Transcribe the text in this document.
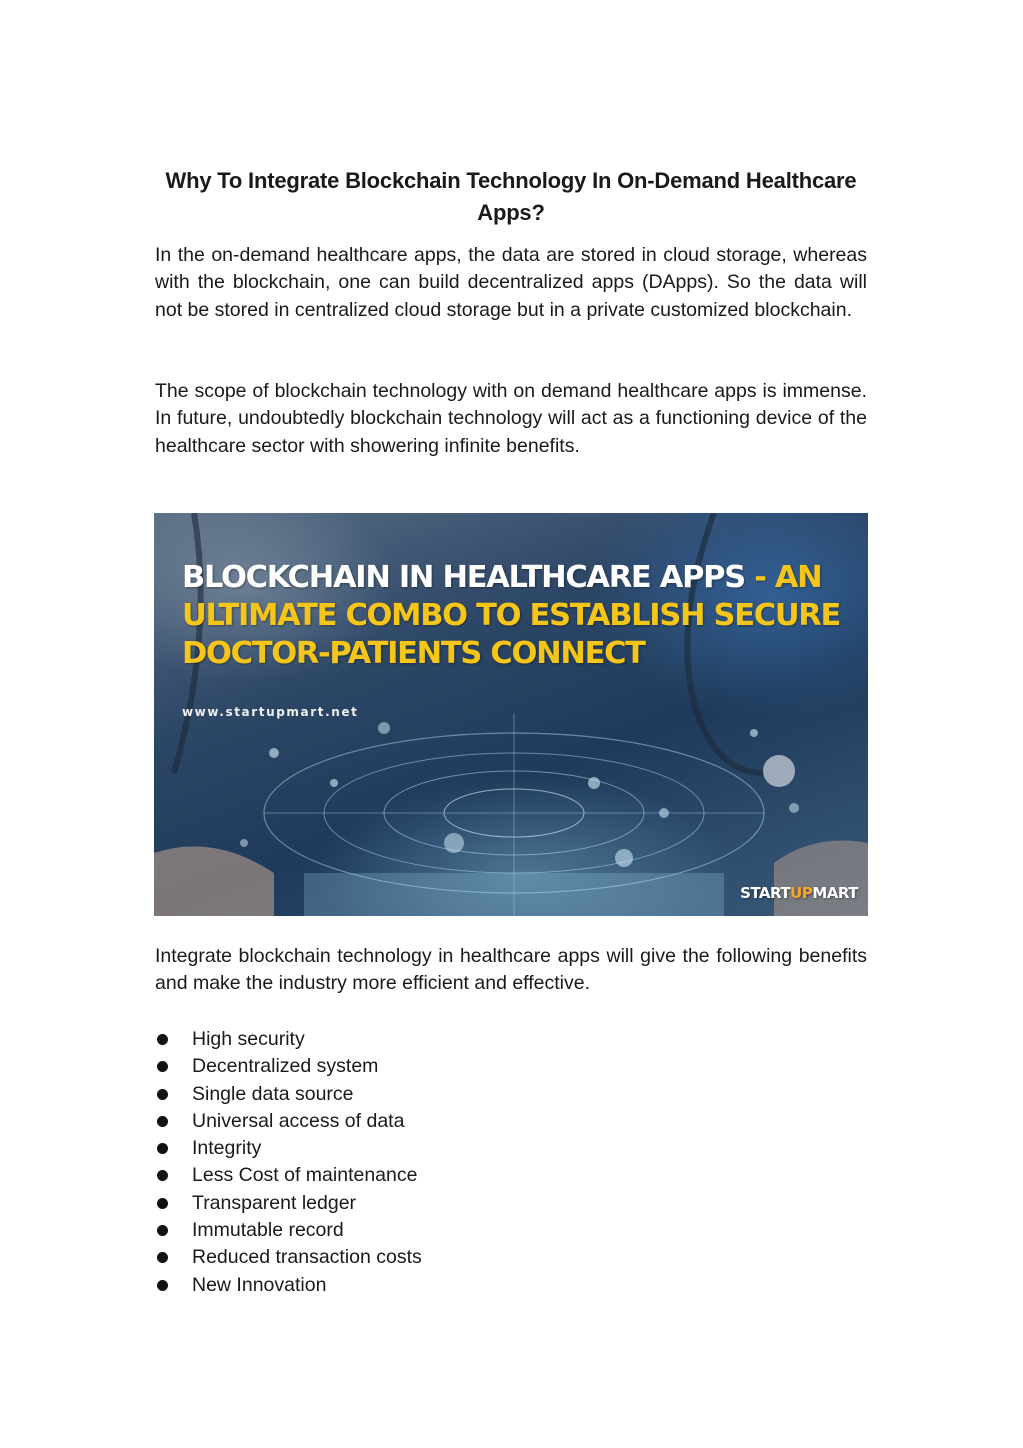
Why To Integrate Blockchain Technology In On-Demand Healthcare Apps?

In the on-demand healthcare apps, the data are stored in cloud storage, whereas with the blockchain, one can build decentralized apps (DApps). So the data will not be stored in centralized cloud storage but in a private customized blockchain.

The scope of blockchain technology with on demand healthcare apps is immense. In future, undoubtedly blockchain technology will act as a functioning device of the healthcare sector with showering infinite benefits.

BLOCKCHAIN IN HEALTHCARE APPS - AN

ULTIMATE COMBO TO ESTABLISH SECURE

DOCTOR-PATIENTS CONNECT

www.startupmart.net
STARTUPMART

Integrate blockchain technology in healthcare apps will give the following benefits and make the industry more efficient and effective.

High security
Decentralized system
Single data source
Universal access of data
Integrity
Less Cost of maintenance
Transparent ledger
Immutable record
Reduced transaction costs
New Innovation
